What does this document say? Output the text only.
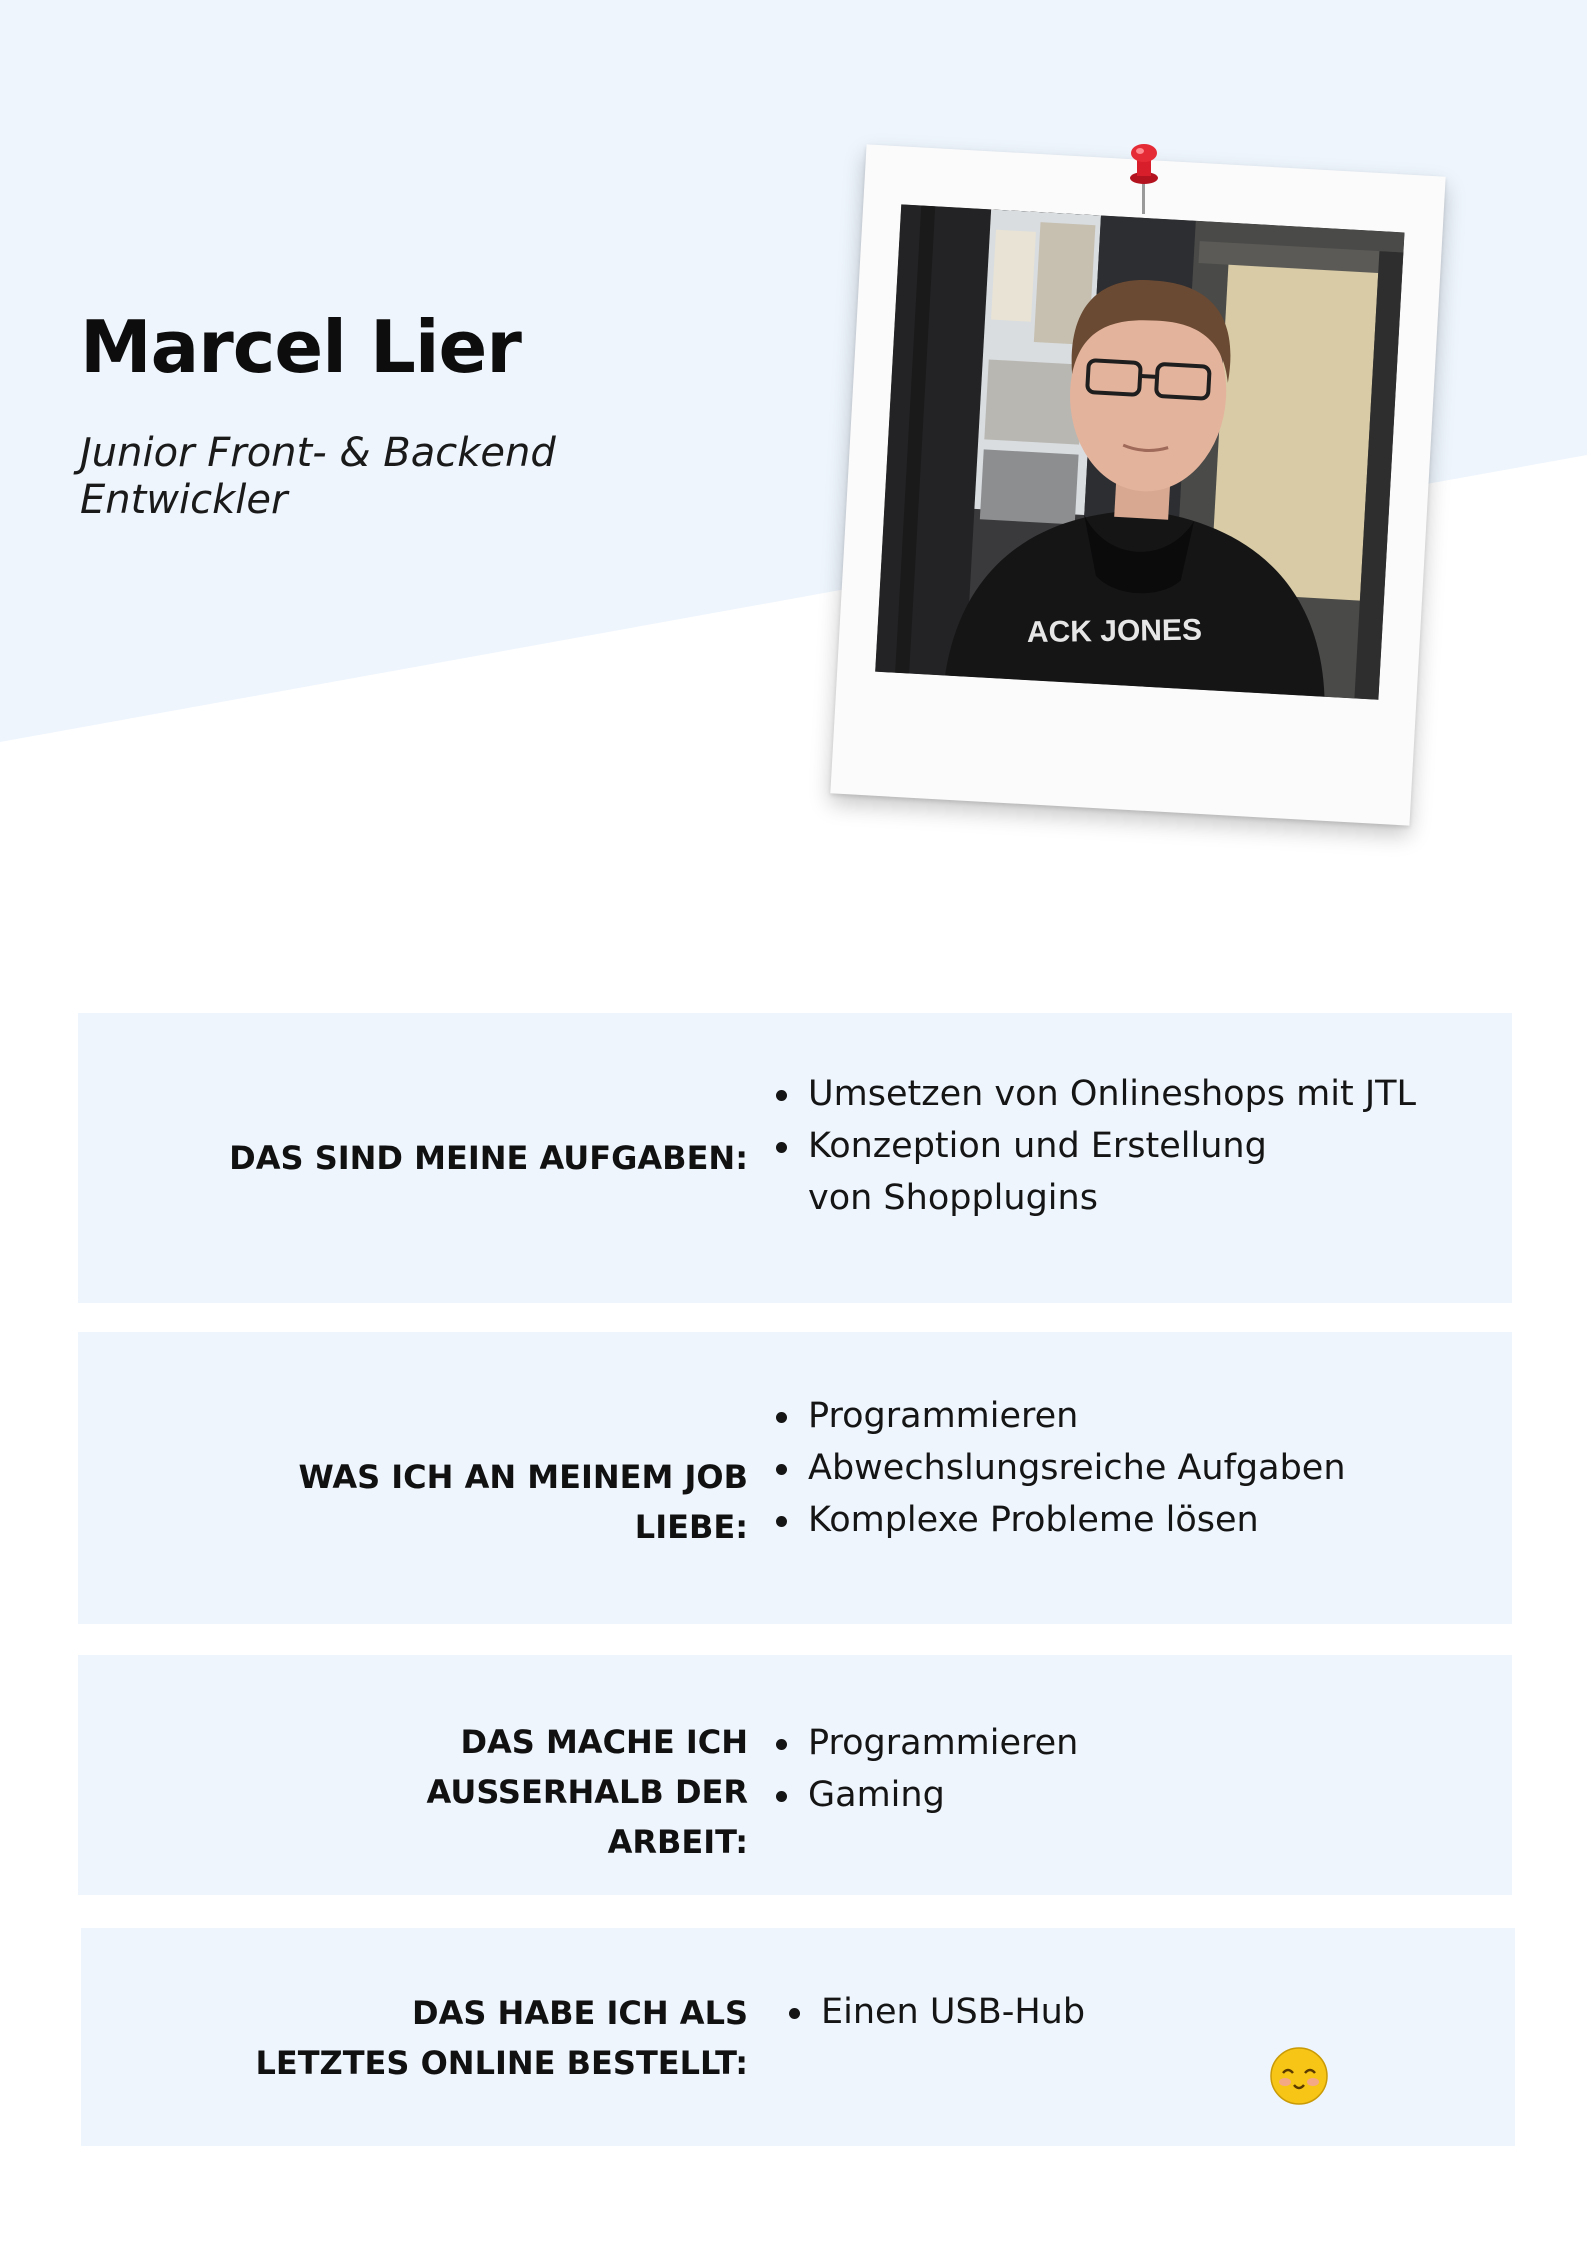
Marcel Lier

Junior Front- & Backend Entwickler

ACK JONES
DAS SIND MEINE AUFGABEN:
Umsetzen von Onlineshops mit JTL
Konzeption und Erstellung von Shopplugins
WAS ICH AN MEINEM JOB LIEBE:
Programmieren
Abwechslungsreiche Aufgaben
Komplexe Probleme lösen
DAS MACHE ICH AUSSERHALB DER ARBEIT:
Programmieren
Gaming
DAS HABE ICH ALS LETZTES ONLINE BESTELLT:
Einen USB-Hub
